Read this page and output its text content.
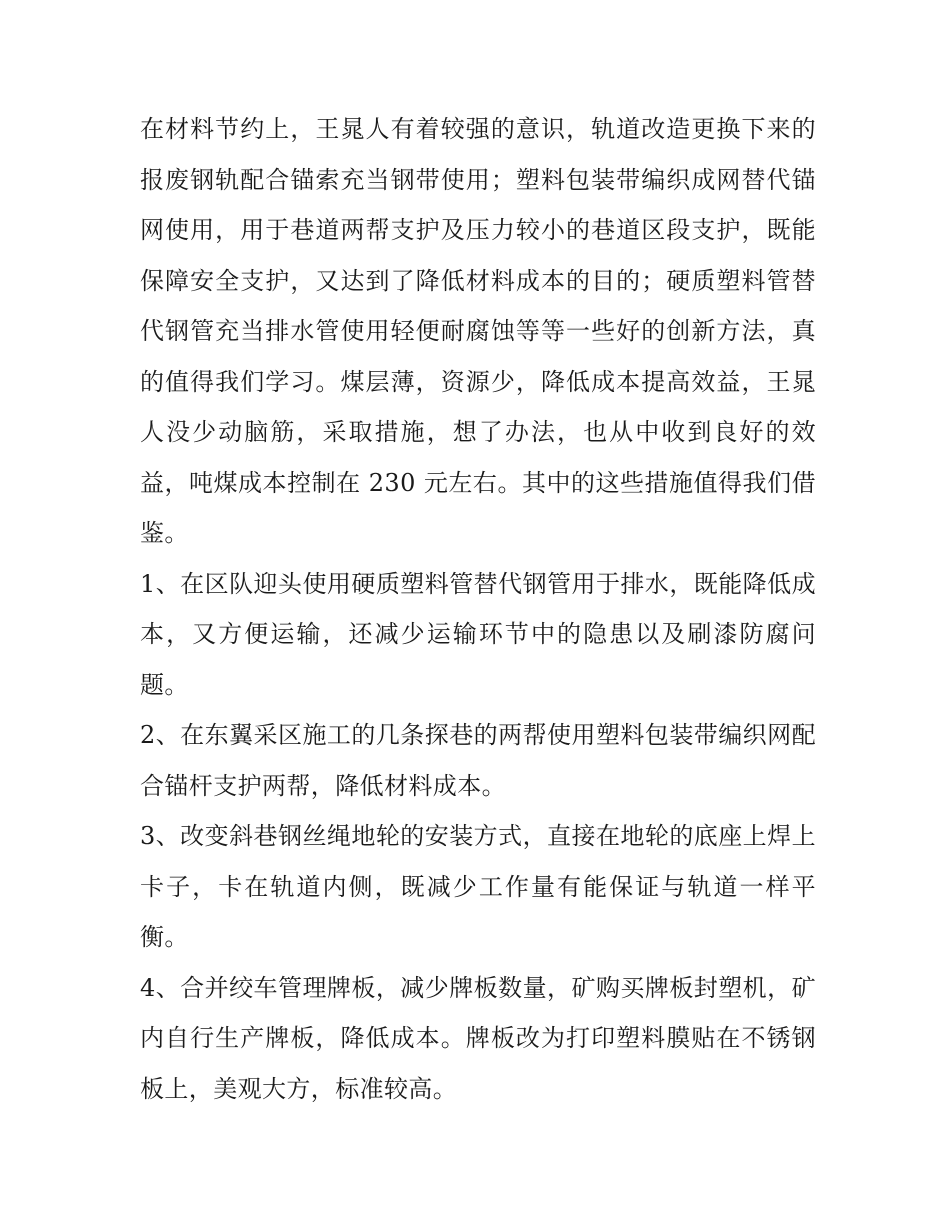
在材料节约上，王晁人有着较强的意识，轨道改造更换下来的报废钢轨配合锚索充当钢带使用；塑料包装带编织成网替代锚网使用，用于巷道两帮支护及压力较小的巷道区段支护，既能保障安全支护，又达到了降低材料成本的目的；硬质塑料管替代钢管充当排水管使用轻便耐腐蚀等等一些好的创新方法，真的值得我们学习。煤层薄，资源少，降低成本提高效益，王晁人没少动脑筋，采取措施，想了办法，也从中收到良好的效益，吨煤成本控制在 230 元左右。其中的这些措施值得我们借鉴。

1、在区队迎头使用硬质塑料管替代钢管用于排水，既能降低成本，又方便运输，还减少运输环节中的隐患以及刷漆防腐问题。

2、在东翼采区施工的几条探巷的两帮使用塑料包装带编织网配合锚杆支护两帮，降低材料成本。

3、改变斜巷钢丝绳地轮的安装方式，直接在地轮的底座上焊上卡子，卡在轨道内侧，既减少工作量有能保证与轨道一样平衡。

4、合并绞车管理牌板，减少牌板数量，矿购买牌板封塑机，矿内自行生产牌板，降低成本。牌板改为打印塑料膜贴在不锈钢板上，美观大方，标准较高。
